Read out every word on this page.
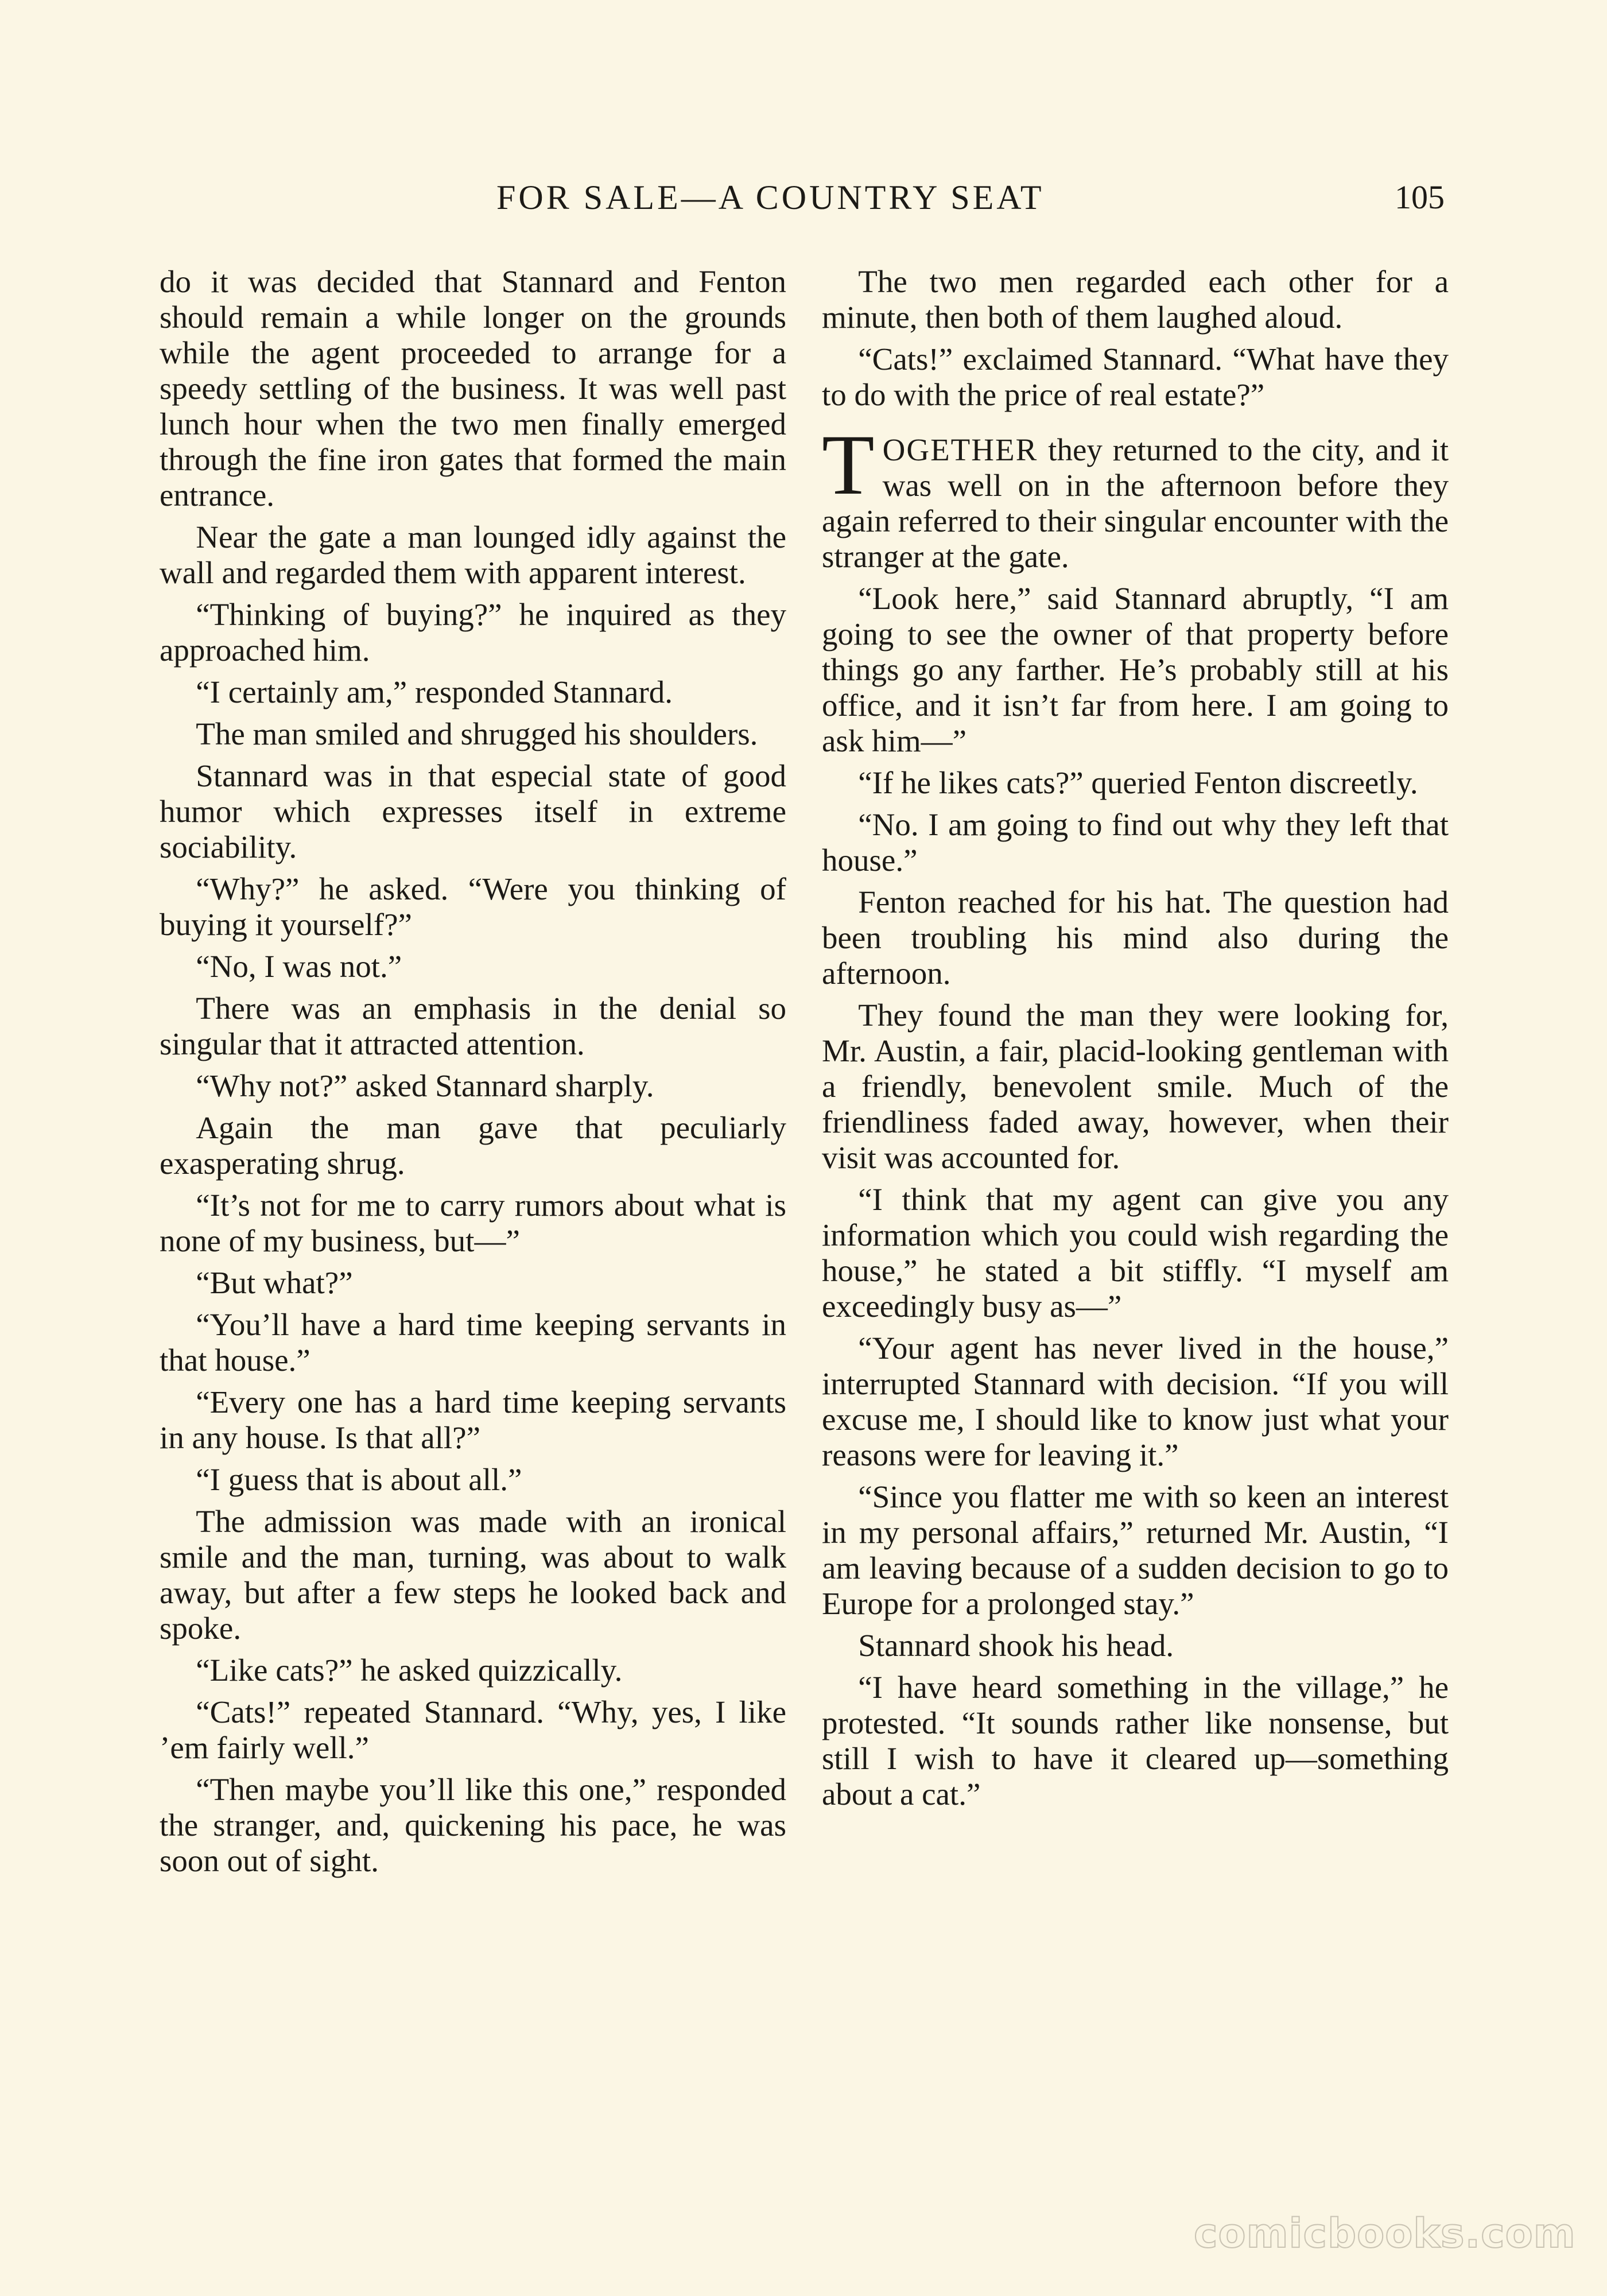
FOR SALE—A COUNTRY SEAT	105

do it was decided that Stannard and Fenton should remain a while longer on the grounds while the agent proceeded to arrange for a speedy settling of the business. It was well past lunch hour when the two men finally emerged through the fine iron gates that formed the main entrance.

Near the gate a man lounged idly against the wall and regarded them with apparent interest.

“Thinking of buying?” he inquired as they approached him.

“I certainly am,” responded Stannard.

The man smiled and shrugged his shoulders.

Stannard was in that especial state of good humor which expresses itself in extreme sociability.

“Why?” he asked. “Were you thinking of buying it yourself?”

“No, I was not.”

There was an emphasis in the denial so singular that it attracted attention.

“Why not?” asked Stannard sharply.

Again the man gave that peculiarly exasperating shrug.

“It’s not for me to carry rumors about what is none of my business, but—”

“But what?”

“You’ll have a hard time keeping servants in that house.”

“Every one has a hard time keeping servants in any house. Is that all?”

“I guess that is about all.”

The admission was made with an ironical smile and the man, turning, was about to walk away, but after a few steps he looked back and spoke.

“Like cats?” he asked quizzically.

“Cats!” repeated Stannard. “Why, yes, I like ’em fairly well.”

“Then maybe you’ll like this one,” responded the stranger, and, quickening his pace, he was soon out of sight.

The two men regarded each other for a minute, then both of them laughed aloud.

“Cats!” exclaimed Stannard. “What have they to do with the price of real estate?”

TOGETHER they returned to the city, and it was well on in the afternoon before they again referred to their singular encounter with the stranger at the gate.

“Look here,” said Stannard abruptly, “I am going to see the owner of that property before things go any farther. He’s probably still at his office, and it isn’t far from here. I am going to ask him—”

“If he likes cats?” queried Fenton discreetly.

“No. I am going to find out why they left that house.”

Fenton reached for his hat. The question had been troubling his mind also during the afternoon.

They found the man they were looking for, Mr. Austin, a fair, placid-looking gentleman with a friendly, benevolent smile. Much of the friendliness faded away, however, when their visit was accounted for.

“I think that my agent can give you any information which you could wish regarding the house,” he stated a bit stiffly. “I myself am exceedingly busy as—”

“Your agent has never lived in the house,” interrupted Stannard with decision. “If you will excuse me, I should like to know just what your reasons were for leaving it.”

“Since you flatter me with so keen an interest in my personal affairs,” returned Mr. Austin, “I am leaving because of a sudden decision to go to Europe for a prolonged stay.”

Stannard shook his head.

“I have heard something in the village,” he protested. “It sounds rather like nonsense, but still I wish to have it cleared up—something about a cat.”

comicbooks.com
